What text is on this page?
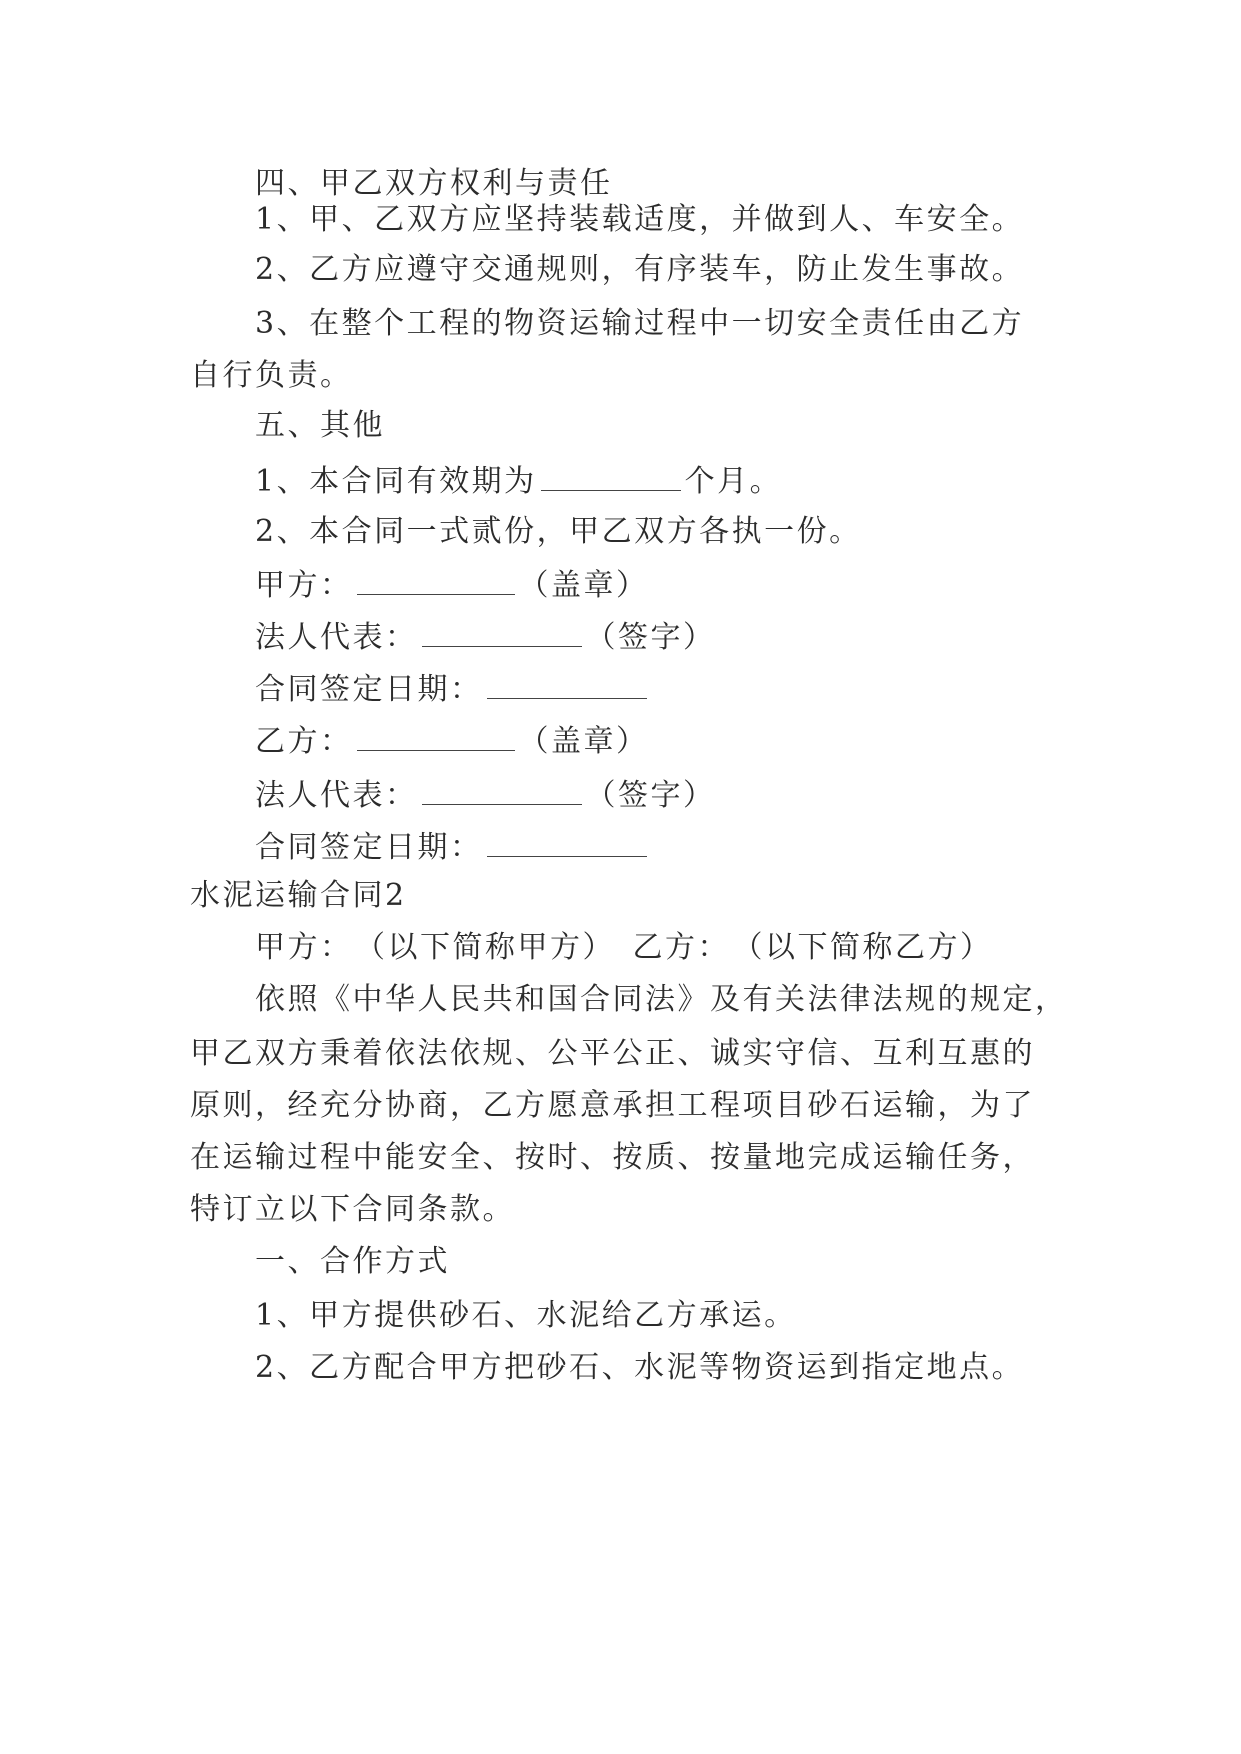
四、甲乙双方权利与责任
1、甲、乙双方应坚持装载适度，并做到人、车安全。
2、乙方应遵守交通规则，有序装车，防止发生事故。
3、在整个工程的物资运输过程中一切安全责任由乙方
自行负责。
五、其他
1、本合同有效期为	个月。
2、本合同一式贰份，甲乙双方各执一份。
甲方：	（盖章）
法人代表：	（签字）
合同签定日期：
乙方：	（盖章）
法人代表：	（签字）
合同签定日期：
水泥运输合同2
甲方：　（以下简称甲方）　乙方：　（以下简称乙方）
依照《中华人民共和国合同法》及有关法律法规的规定，
甲乙双方秉着依法依规、公平公正、诚实守信、互利互惠的
原则，经充分协商，乙方愿意承担工程项目砂石运输，为了
在运输过程中能安全、按时、按质、按量地完成运输任务，
特订立以下合同条款。
一、合作方式
1、甲方提供砂石、水泥给乙方承运。
2、乙方配合甲方把砂石、水泥等物资运到指定地点。
